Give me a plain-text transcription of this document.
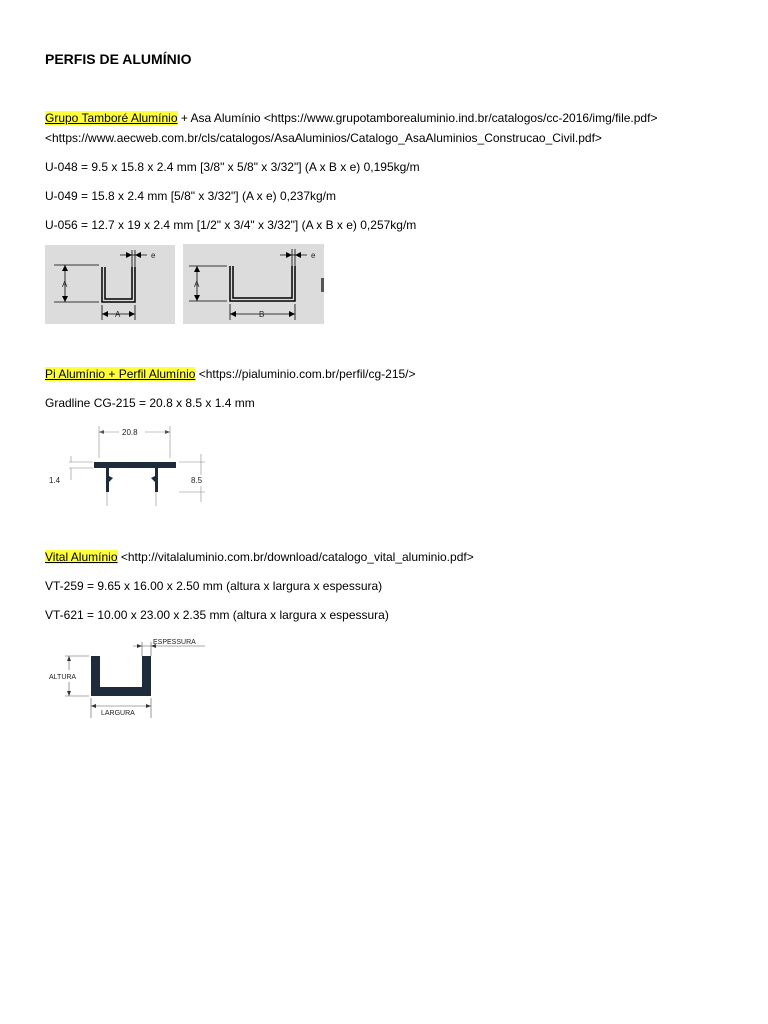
PERFIS DE ALUMÍNIO
Grupo Tamboré Alumínio + Asa Alumínio <https://www.grupotamborealuminio.ind.br/catalogos/cc-2016/img/file.pdf>
<https://www.aecweb.com.br/cls/catalogos/AsaAluminios/Catalogo_AsaAluminios_Construcao_Civil.pdf>
U-048 = 9.5 x 15.8 x 2.4 mm [3/8" x 5/8" x 3/32"] (A x B x e) 0,195kg/m
U-049 = 15.8 x 2.4 mm [5/8" x 3/32"] (A x e) 0,237kg/m
U-056 = 12.7 x 19 x 2.4 mm [1/2" x 3/4" x 3/32"] (A x B x e) 0,257kg/m
A
e
A
A
e
B
Pi Alumínio + Perfil Alumínio <https://pialuminio.com.br/perfil/cg-215/>
Gradline CG-215 = 20.8 x 8.5 x 1.4 mm
20.8
1.4	8.5
Vital Alumínio <http://vitalaluminio.com.br/download/catalogo_vital_aluminio.pdf>
VT-259 = 9.65 x 16.00 x 2.50 mm (altura x largura x espessura)
VT-621 = 10.00 x 23.00 x 2.35 mm (altura x largura x espessura)
ESPESSURA
ALTURA
LARGURA
